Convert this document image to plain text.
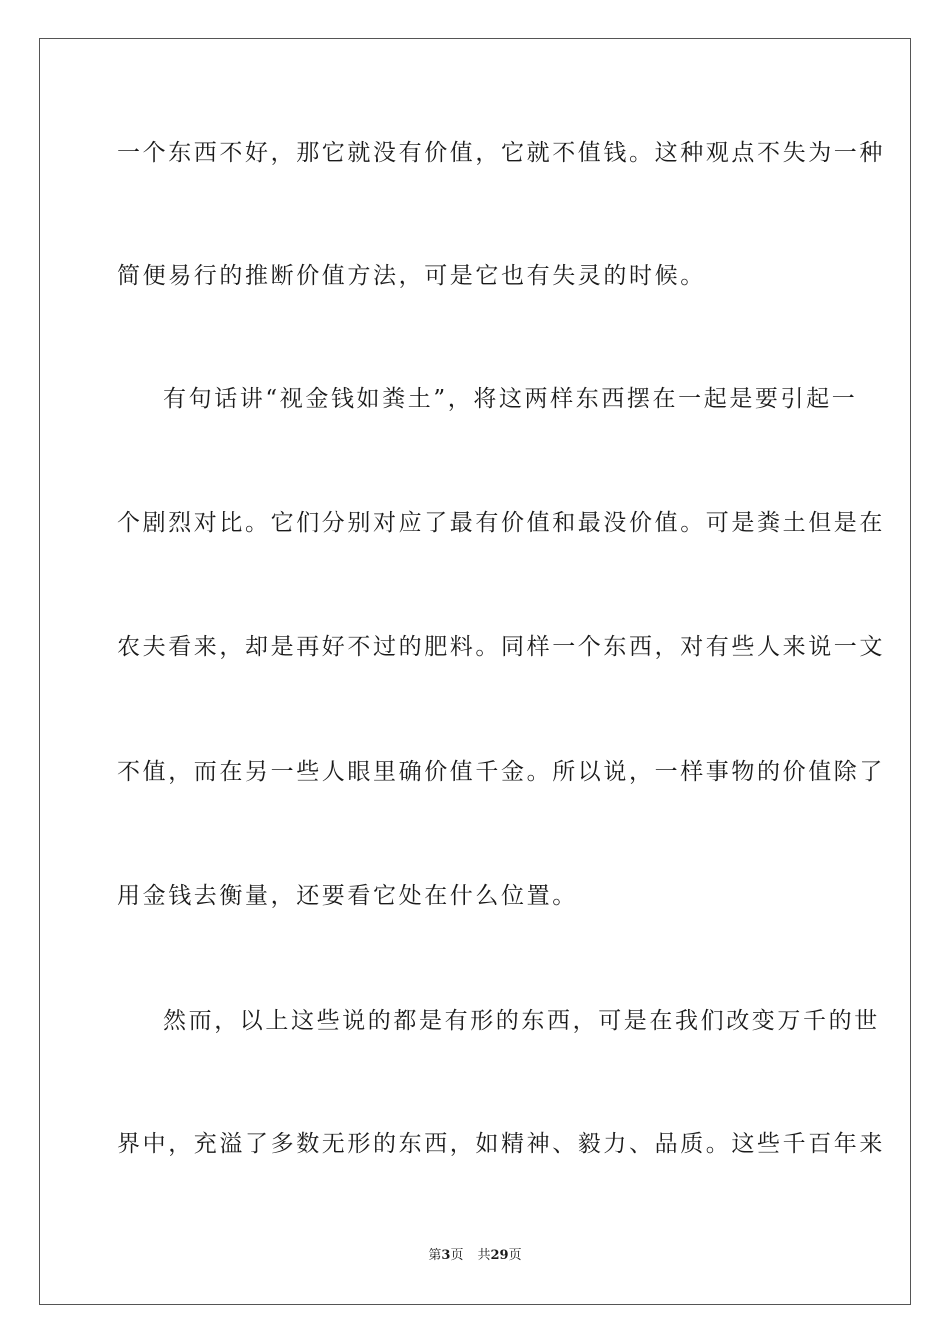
一个东西不好，那它就没有价值，它就不值钱。这种观点不失为一种
简便易行的推断价值方法，可是它也有失灵的时候。
有句话讲“视金钱如粪土”，将这两样东西摆在一起是要引起一
个剧烈对比。它们分别对应了最有价值和最没价值。可是粪土但是在
农夫看来，却是再好不过的肥料。同样一个东西，对有些人来说一文
不值，而在另一些人眼里确价值千金。所以说，一样事物的价值除了
用金钱去衡量，还要看它处在什么位置。
然而，以上这些说的都是有形的东西，可是在我们改变万千的世
界中，充溢了多数无形的东西，如精神、毅力、品质。这些千百年来
第3页 共29页
